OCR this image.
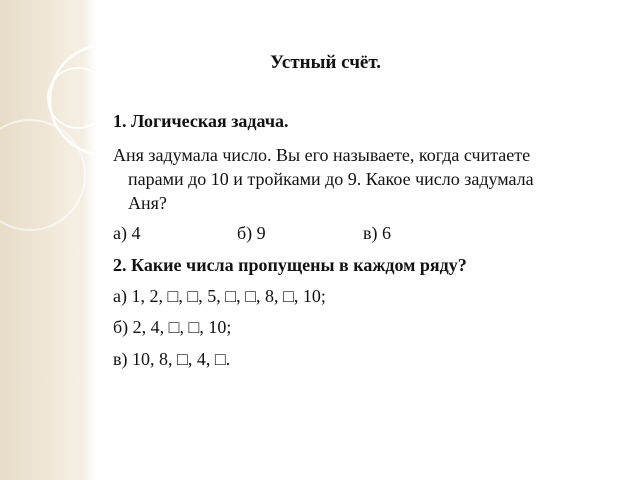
Устный счёт.
1. Логическая задача.
Аня задумала число. Вы его называете, когда считаете
парами до 10 и тройками до 9. Какое число задумала
Аня?
а) 4	б) 9	в) 6
2. Какие числа пропущены в каждом ряду?
а) 1, 2, □, □, 5, □, □, 8, □, 10;
б) 2, 4, □, □, 10;
в) 10, 8, □, 4, □.
